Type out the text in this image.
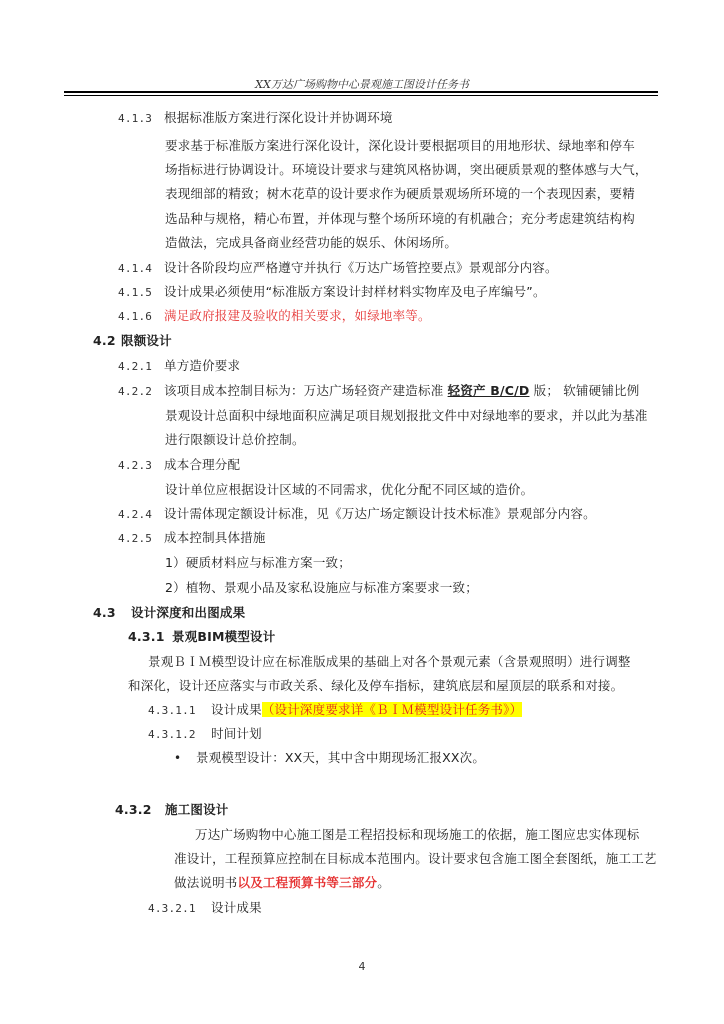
XX万达广场购物中心景观施工图设计任务书
4.1.3 根据标准版方案进行深化设计并协调环境
要求基于标准版方案进行深化设计，深化设计要根据项目的用地形状、绿地率和停车
场指标进行协调设计。环境设计要求与建筑风格协调，突出硬质景观的整体感与大气，
表现细部的精致；树木花草的设计要求作为硬质景观场所环境的一个表现因素，要精
选品种与规格，精心布置，并体现与整个场所环境的有机融合；充分考虑建筑结构构
造做法，完成具备商业经营功能的娱乐、休闲场所。
4.1.4 设计各阶段均应严格遵守并执行《万达广场管控要点》景观部分内容。
4.1.5 设计成果必须使用“标准版方案设计封样材料实物库及电子库编号”。
4.1.6 满足政府报建及验收的相关要求，如绿地率等。
4.2 限额设计
4.2.1 单方造价要求
4.2.2 该项目成本控制目标为：万达广场轻资产建造标准 轻资产 B/C/D 版； 软铺硬铺比例
景观设计总面积中绿地面积应满足项目规划报批文件中对绿地率的要求，并以此为基准
进行限额设计总价控制。
4.2.3 成本合理分配
设计单位应根据设计区域的不同需求，优化分配不同区域的造价。
4.2.4 设计需体现定额设计标准，见《万达广场定额设计技术标准》景观部分内容。
4.2.5 成本控制具体措施
1）硬质材料应与标准方案一致；
2）植物、景观小品及家私设施应与标准方案要求一致；
4.3 设计深度和出图成果
4.3.1 景观BIM模型设计
景观ＢＩＭ模型设计应在标准版成果的基础上对各个景观元素（含景观照明）进行调整
和深化，设计还应落实与市政关系、绿化及停车指标，建筑底层和屋顶层的联系和对接。
4.3.1.1 设计成果（设计深度要求详《ＢＩＭ模型设计任务书》）
4.3.1.2 时间计划
• 景观模型设计：XX天，其中含中期现场汇报XX次。
4.3.2 施工图设计
万达广场购物中心施工图是工程招投标和现场施工的依据，施工图应忠实体现标
准设计，工程预算应控制在目标成本范围内。设计要求包含施工图全套图纸，施工工艺
做法说明书以及工程预算书等三部分。
4.3.2.1 设计成果
4
